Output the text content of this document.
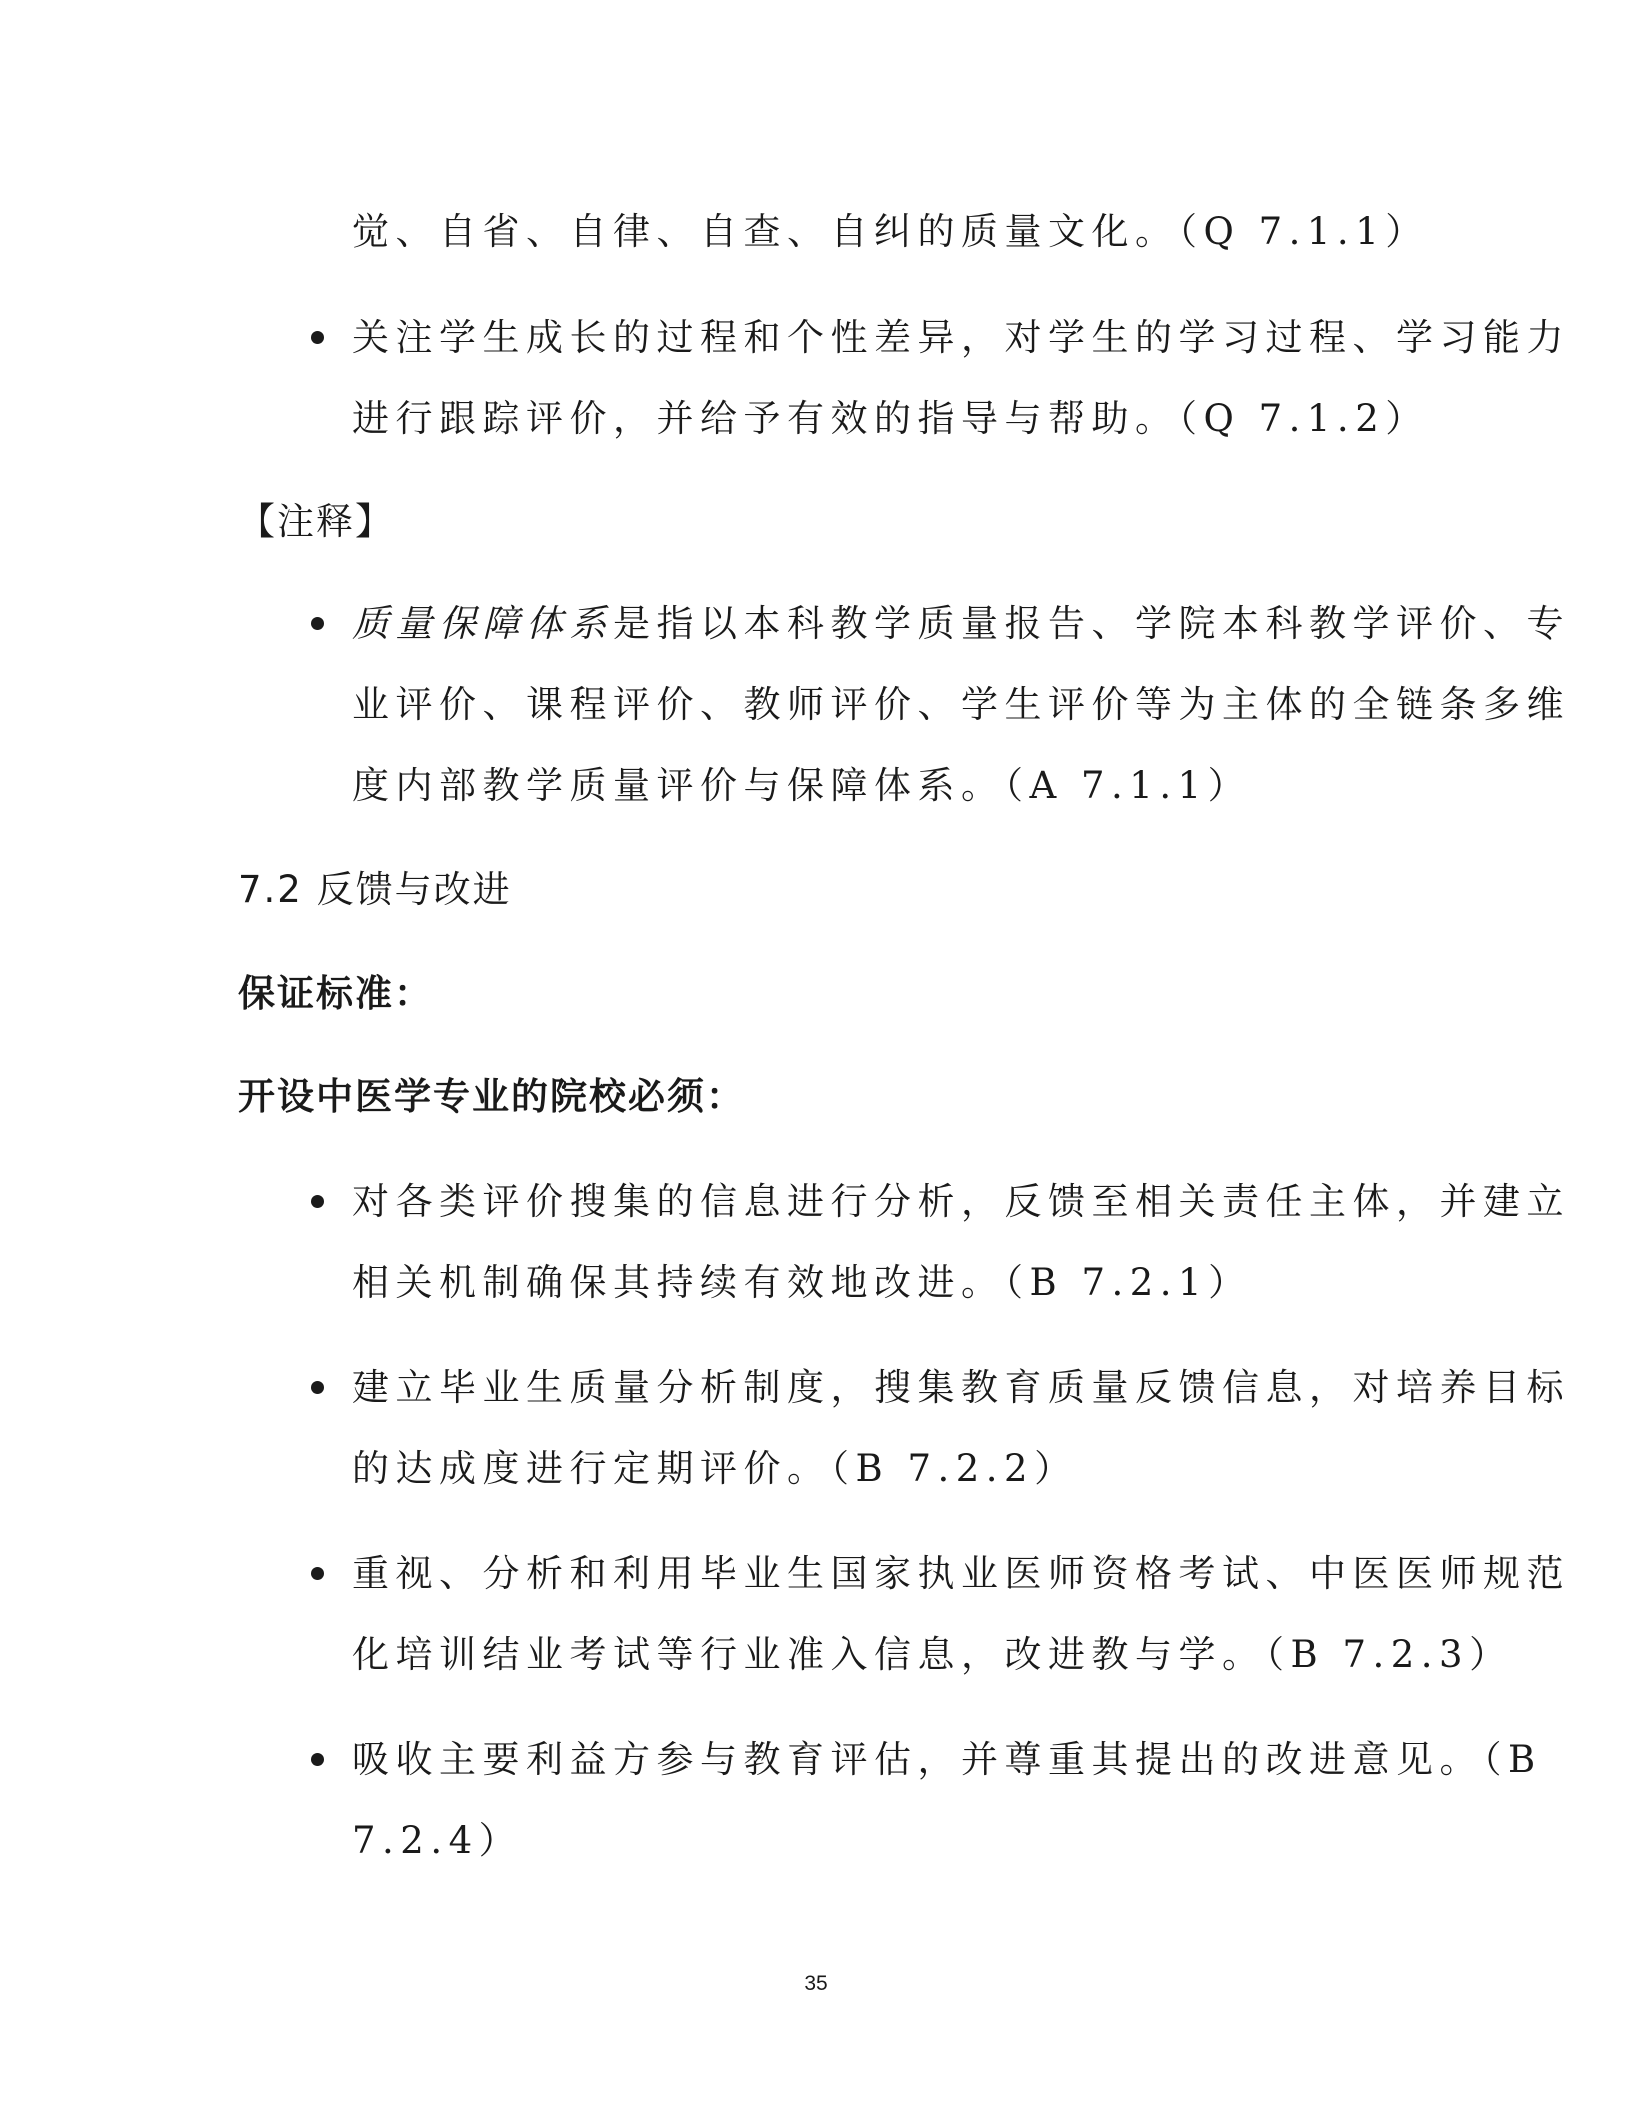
觉、自省、自律、自查、自纠的质量文化。（Q 7.1.1）
关注学生成长的过程和个性差异，对学生的学习过程、学习能力
进行跟踪评价，并给予有效的指导与帮助。（Q 7.1.2）
【注释】
质量保障体系是指以本科教学质量报告、学院本科教学评价、专
业评价、课程评价、教师评价、学生评价等为主体的全链条多维
度内部教学质量评价与保障体系。（A 7.1.1）
7.2 反馈与改进
保证标准：
开设中医学专业的院校必须：
对各类评价搜集的信息进行分析，反馈至相关责任主体，并建立
相关机制确保其持续有效地改进。（B 7.2.1）
建立毕业生质量分析制度，搜集教育质量反馈信息，对培养目标
的达成度进行定期评价。（B 7.2.2）
重视、分析和利用毕业生国家执业医师资格考试、中医医师规范
化培训结业考试等行业准入信息，改进教与学。（B 7.2.3）
吸收主要利益方参与教育评估，并尊重其提出的改进意见。（B
7.2.4）
35
